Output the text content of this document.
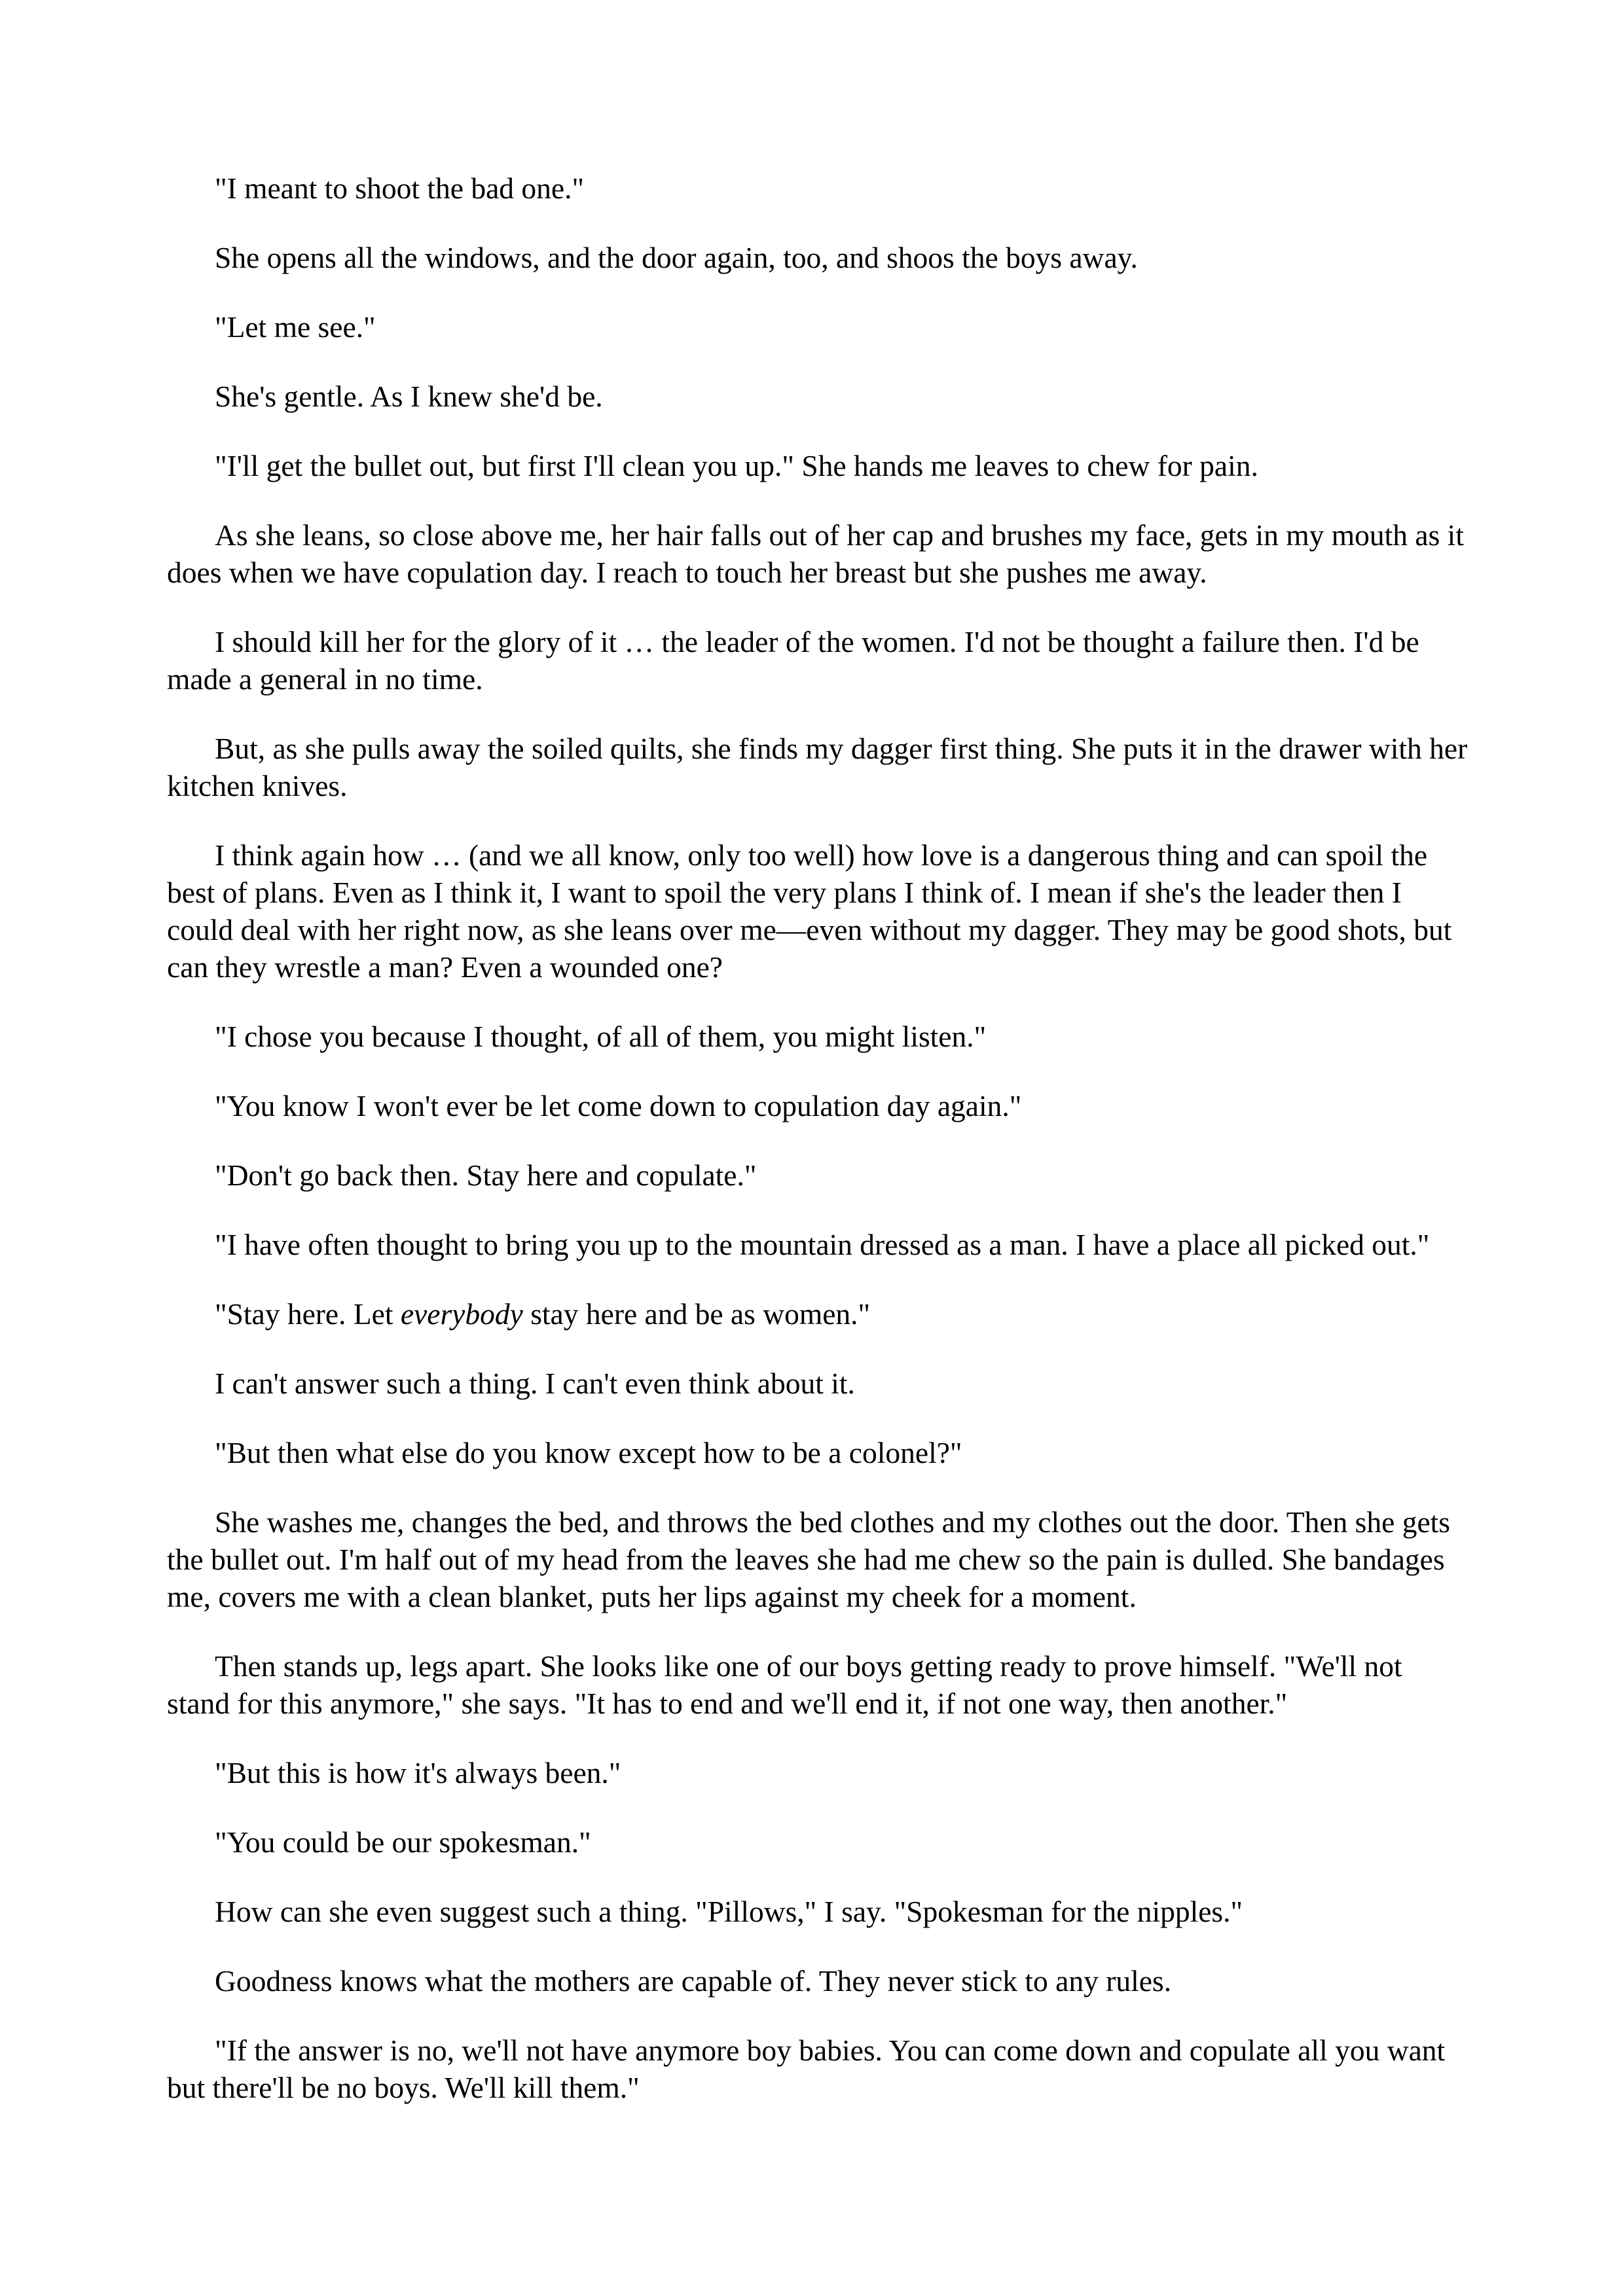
"I meant to shoot the bad one."

She opens all the windows, and the door again, too, and shoos the boys away.

"Let me see."

She's gentle. As I knew she'd be.

"I'll get the bullet out, but first I'll clean you up." She hands me leaves to chew for pain.

As she leans, so close above me, her hair falls out of her cap and brushes my face, gets in my mouth as it does when we have copulation day. I reach to touch her breast but she pushes me away.

I should kill her for the glory of it … the leader of the women. I'd not be thought a failure then. I'd be made a general in no time.

But, as she pulls away the soiled quilts, she finds my dagger first thing. She puts it in the drawer with her kitchen knives.

I think again how … (and we all know, only too well) how love is a dangerous thing and can spoil the best of plans. Even as I think it, I want to spoil the very plans I think of. I mean if she's the leader then I could deal with her right now, as she leans over me—even without my dagger. They may be good shots, but can they wrestle a man? Even a wounded one?

"I chose you because I thought, of all of them, you might listen."

"You know I won't ever be let come down to copulation day again."

"Don't go back then. Stay here and copulate."

"I have often thought to bring you up to the mountain dressed as a man. I have a place all picked out."

"Stay here. Let everybody stay here and be as women."

I can't answer such a thing. I can't even think about it.

"But then what else do you know except how to be a colonel?"

She washes me, changes the bed, and throws the bed clothes and my clothes out the door. Then she gets the bullet out. I'm half out of my head from the leaves she had me chew so the pain is dulled. She bandages me, covers me with a clean blanket, puts her lips against my cheek for a moment.

Then stands up, legs apart. She looks like one of our boys getting ready to prove himself. "We'll not stand for this anymore," she says. "It has to end and we'll end it, if not one way, then another."

"But this is how it's always been."

"You could be our spokesman."

How can she even suggest such a thing. "Pillows," I say. "Spokesman for the nipples."

Goodness knows what the mothers are capable of. They never stick to any rules.

"If the answer is no, we'll not have anymore boy babies. You can come down and copulate all you want but there'll be no boys. We'll kill them."
